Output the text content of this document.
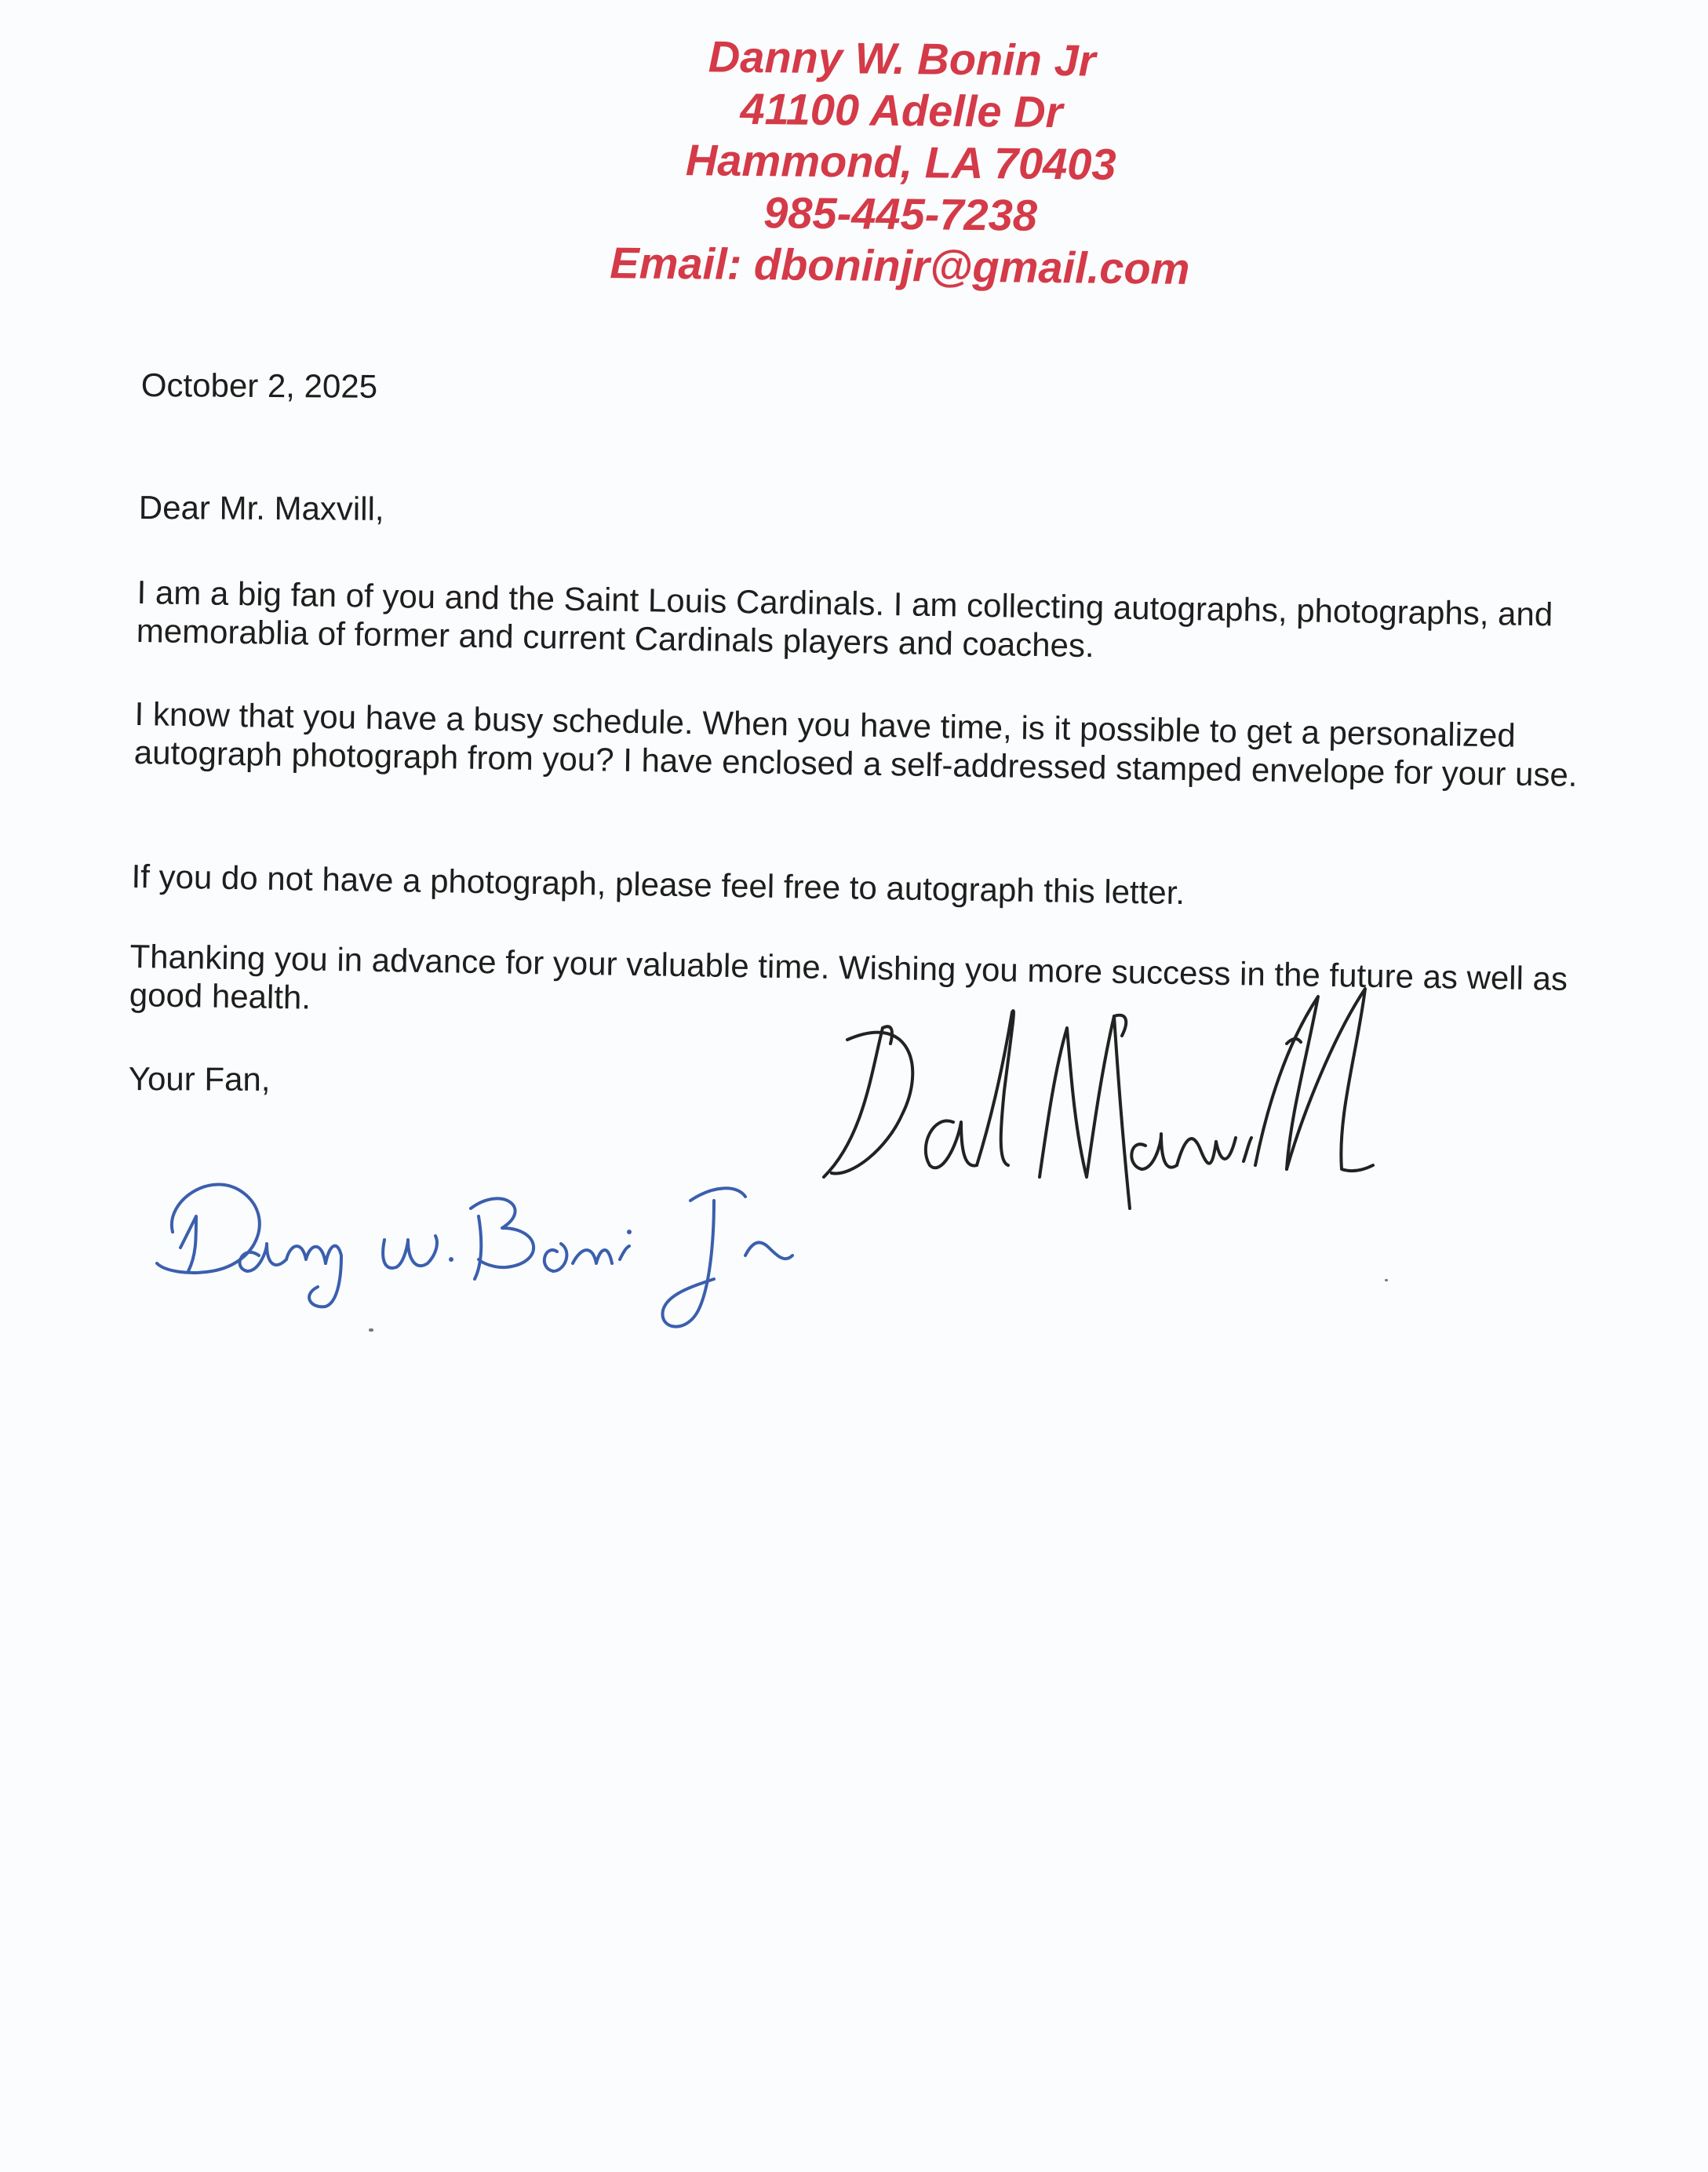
Danny W. Bonin Jr
41100 Adelle Dr
Hammond, LA 70403
985-445-7238
Email: dboninjr@gmail.com
October 2, 2025
Dear Mr. Maxvill,
I am a big fan of you and the Saint Louis Cardinals. I am collecting autographs, photographs, and memorablia of former and current Cardinals players and coaches.
I know that you have a busy schedule. When you have time, is it possible to get a personalized autograph photograph from you? I have enclosed a self-addressed stamped envelope for your use.
If you do not have a photograph, please feel free to autograph this letter.
Thanking you in advance for your valuable time. Wishing you more success in the future as well as good health.
Your Fan,
